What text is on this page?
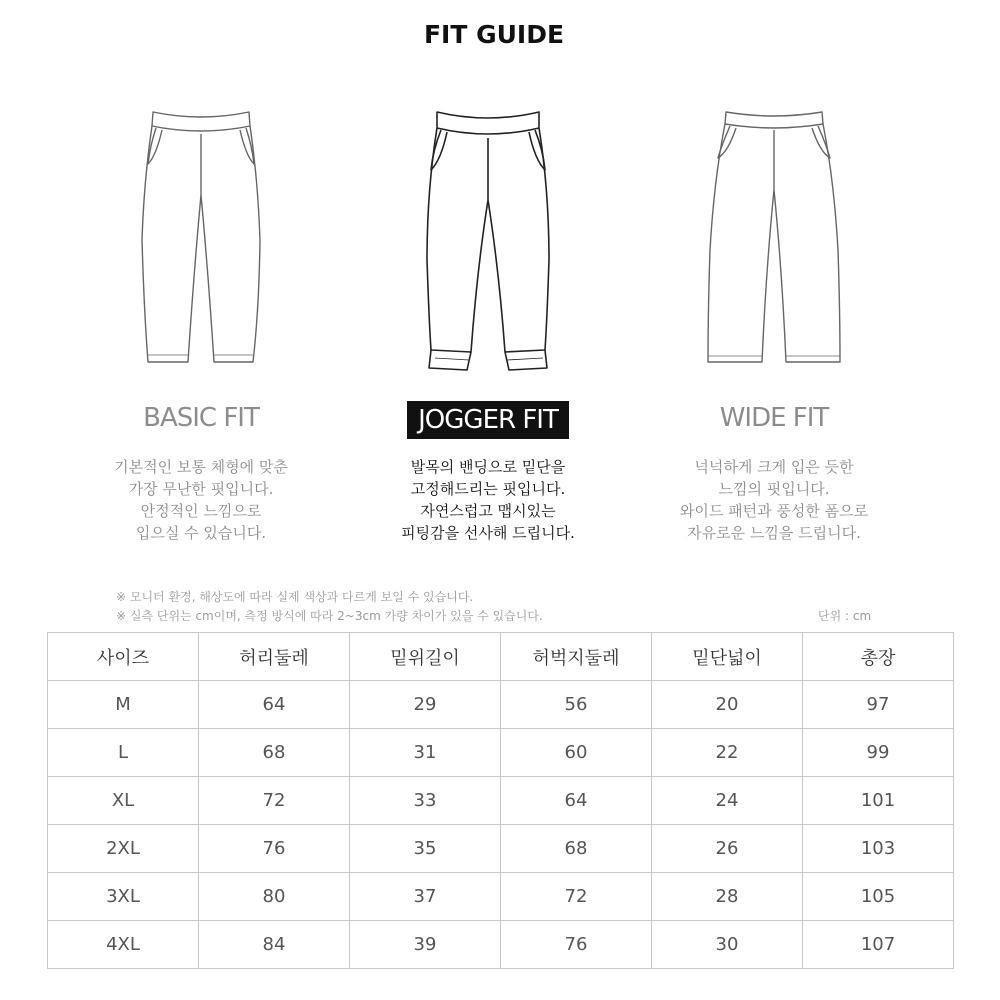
FIT GUIDE
BASIC FIT
기본적인 보통 체형에 맞춘
가장 무난한 핏입니다.
안정적인 느낌으로
입으실 수 있습니다.
JOGGER FIT
발목의 밴딩으로 밑단을
고정해드리는 핏입니다.
자연스럽고 맵시있는
피팅감을 선사해 드립니다.
WIDE FIT
넉넉하게 크게 입은 듯한
느낌의 핏입니다.
와이드 패턴과 풍성한 폼으로
자유로운 느낌을 드립니다.
※ 모니터 환경, 해상도에 따라 실제 색상과 다르게 보일 수 있습니다.
※ 실측 단위는 cm이며, 측정 방식에 따라 2~3cm 가량 차이가 있을 수 있습니다.	단위 : cm
사이즈	허리둘레	밑위길이	허벅지둘레	밑단넓이	총장
M	64	29	56	20	97
L	68	31	60	22	99
XL	72	33	64	24	101
2XL	76	35	68	26	103
3XL	80	37	72	28	105
4XL	84	39	76	30	107
